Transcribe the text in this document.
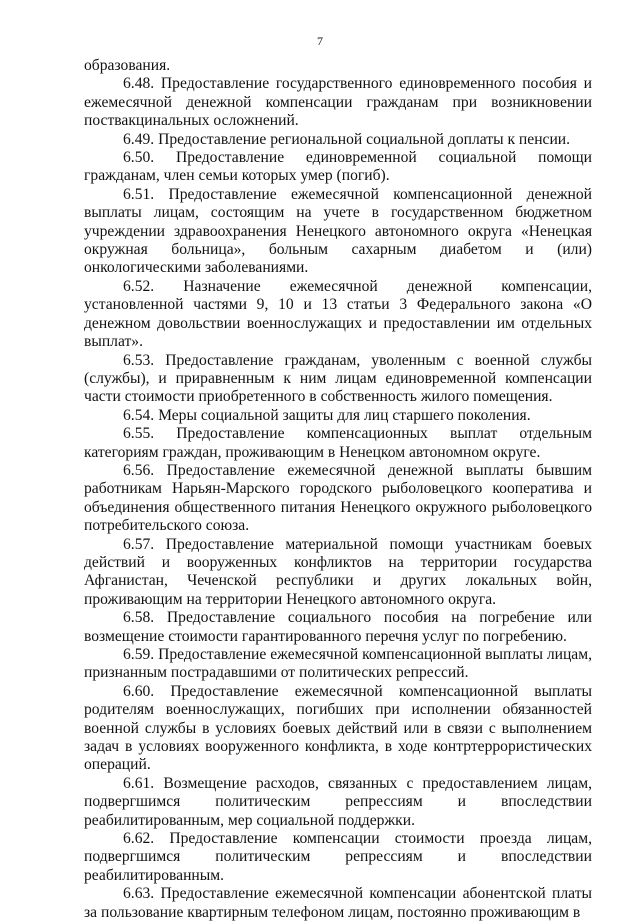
7

образования.

6.48. Предоставление государственного единовременного пособия и ежемесячной денежной компенсации гражданам при возникновении поствакцинальных осложнений.

6.49. Предоставление региональной социальной доплаты к пенсии.

6.50. Предоставление единовременной социальной помощи гражданам, член семьи которых умер (погиб).

6.51. Предоставление ежемесячной компенсационной денежной выплаты лицам, состоящим на учете в государственном бюджетном учреждении здравоохранения Ненецкого автономного округа «Ненецкая окружная больница», больным сахарным диабетом и (или) онкологическими заболеваниями.

6.52. Назначение ежемесячной денежной компенсации, установленной частями 9, 10 и 13 статьи 3 Федерального закона «О денежном довольствии военнослужащих и предоставлении им отдельных выплат».

6.53. Предоставление гражданам, уволенным с военной службы (службы), и приравненным к ним лицам единовременной компенсации части стоимости приобретенного в собственность жилого помещения.

6.54. Меры социальной защиты для лиц старшего поколения.

6.55. Предоставление компенсационных выплат отдельным категориям граждан, проживающим в Ненецком автономном округе.

6.56. Предоставление ежемесячной денежной выплаты бывшим работникам Нарьян-Марского городского рыболовецкого кооператива и объединения общественного питания Ненецкого окружного рыболовецкого потребительского союза.

6.57. Предоставление материальной помощи участникам боевых действий и вооруженных конфликтов на территории государства Афганистан, Чеченской республики и других локальных войн, проживающим на территории Ненецкого автономного округа.

6.58. Предоставление социального пособия на погребение или возмещение стоимости гарантированного перечня услуг по погребению.

6.59. Предоставление ежемесячной компенсационной выплаты лицам, признанным пострадавшими от политических репрессий.

6.60. Предоставление ежемесячной компенсационной выплаты родителям военнослужащих, погибших при исполнении обязанностей военной службы в условиях боевых действий или в связи с выполнением задач в условиях вооруженного конфликта, в ходе контртеррористических операций.

6.61. Возмещение расходов, связанных с предоставлением лицам, подвергшимся политическим репрессиям и впоследствии реабилитированным, мер социальной поддержки.

6.62. Предоставление компенсации стоимости проезда лицам, подвергшимся политическим репрессиям и впоследствии реабилитированным.

6.63. Предоставление ежемесячной компенсации абонентской платы за пользование квартирным телефоном лицам, постоянно проживающим в
